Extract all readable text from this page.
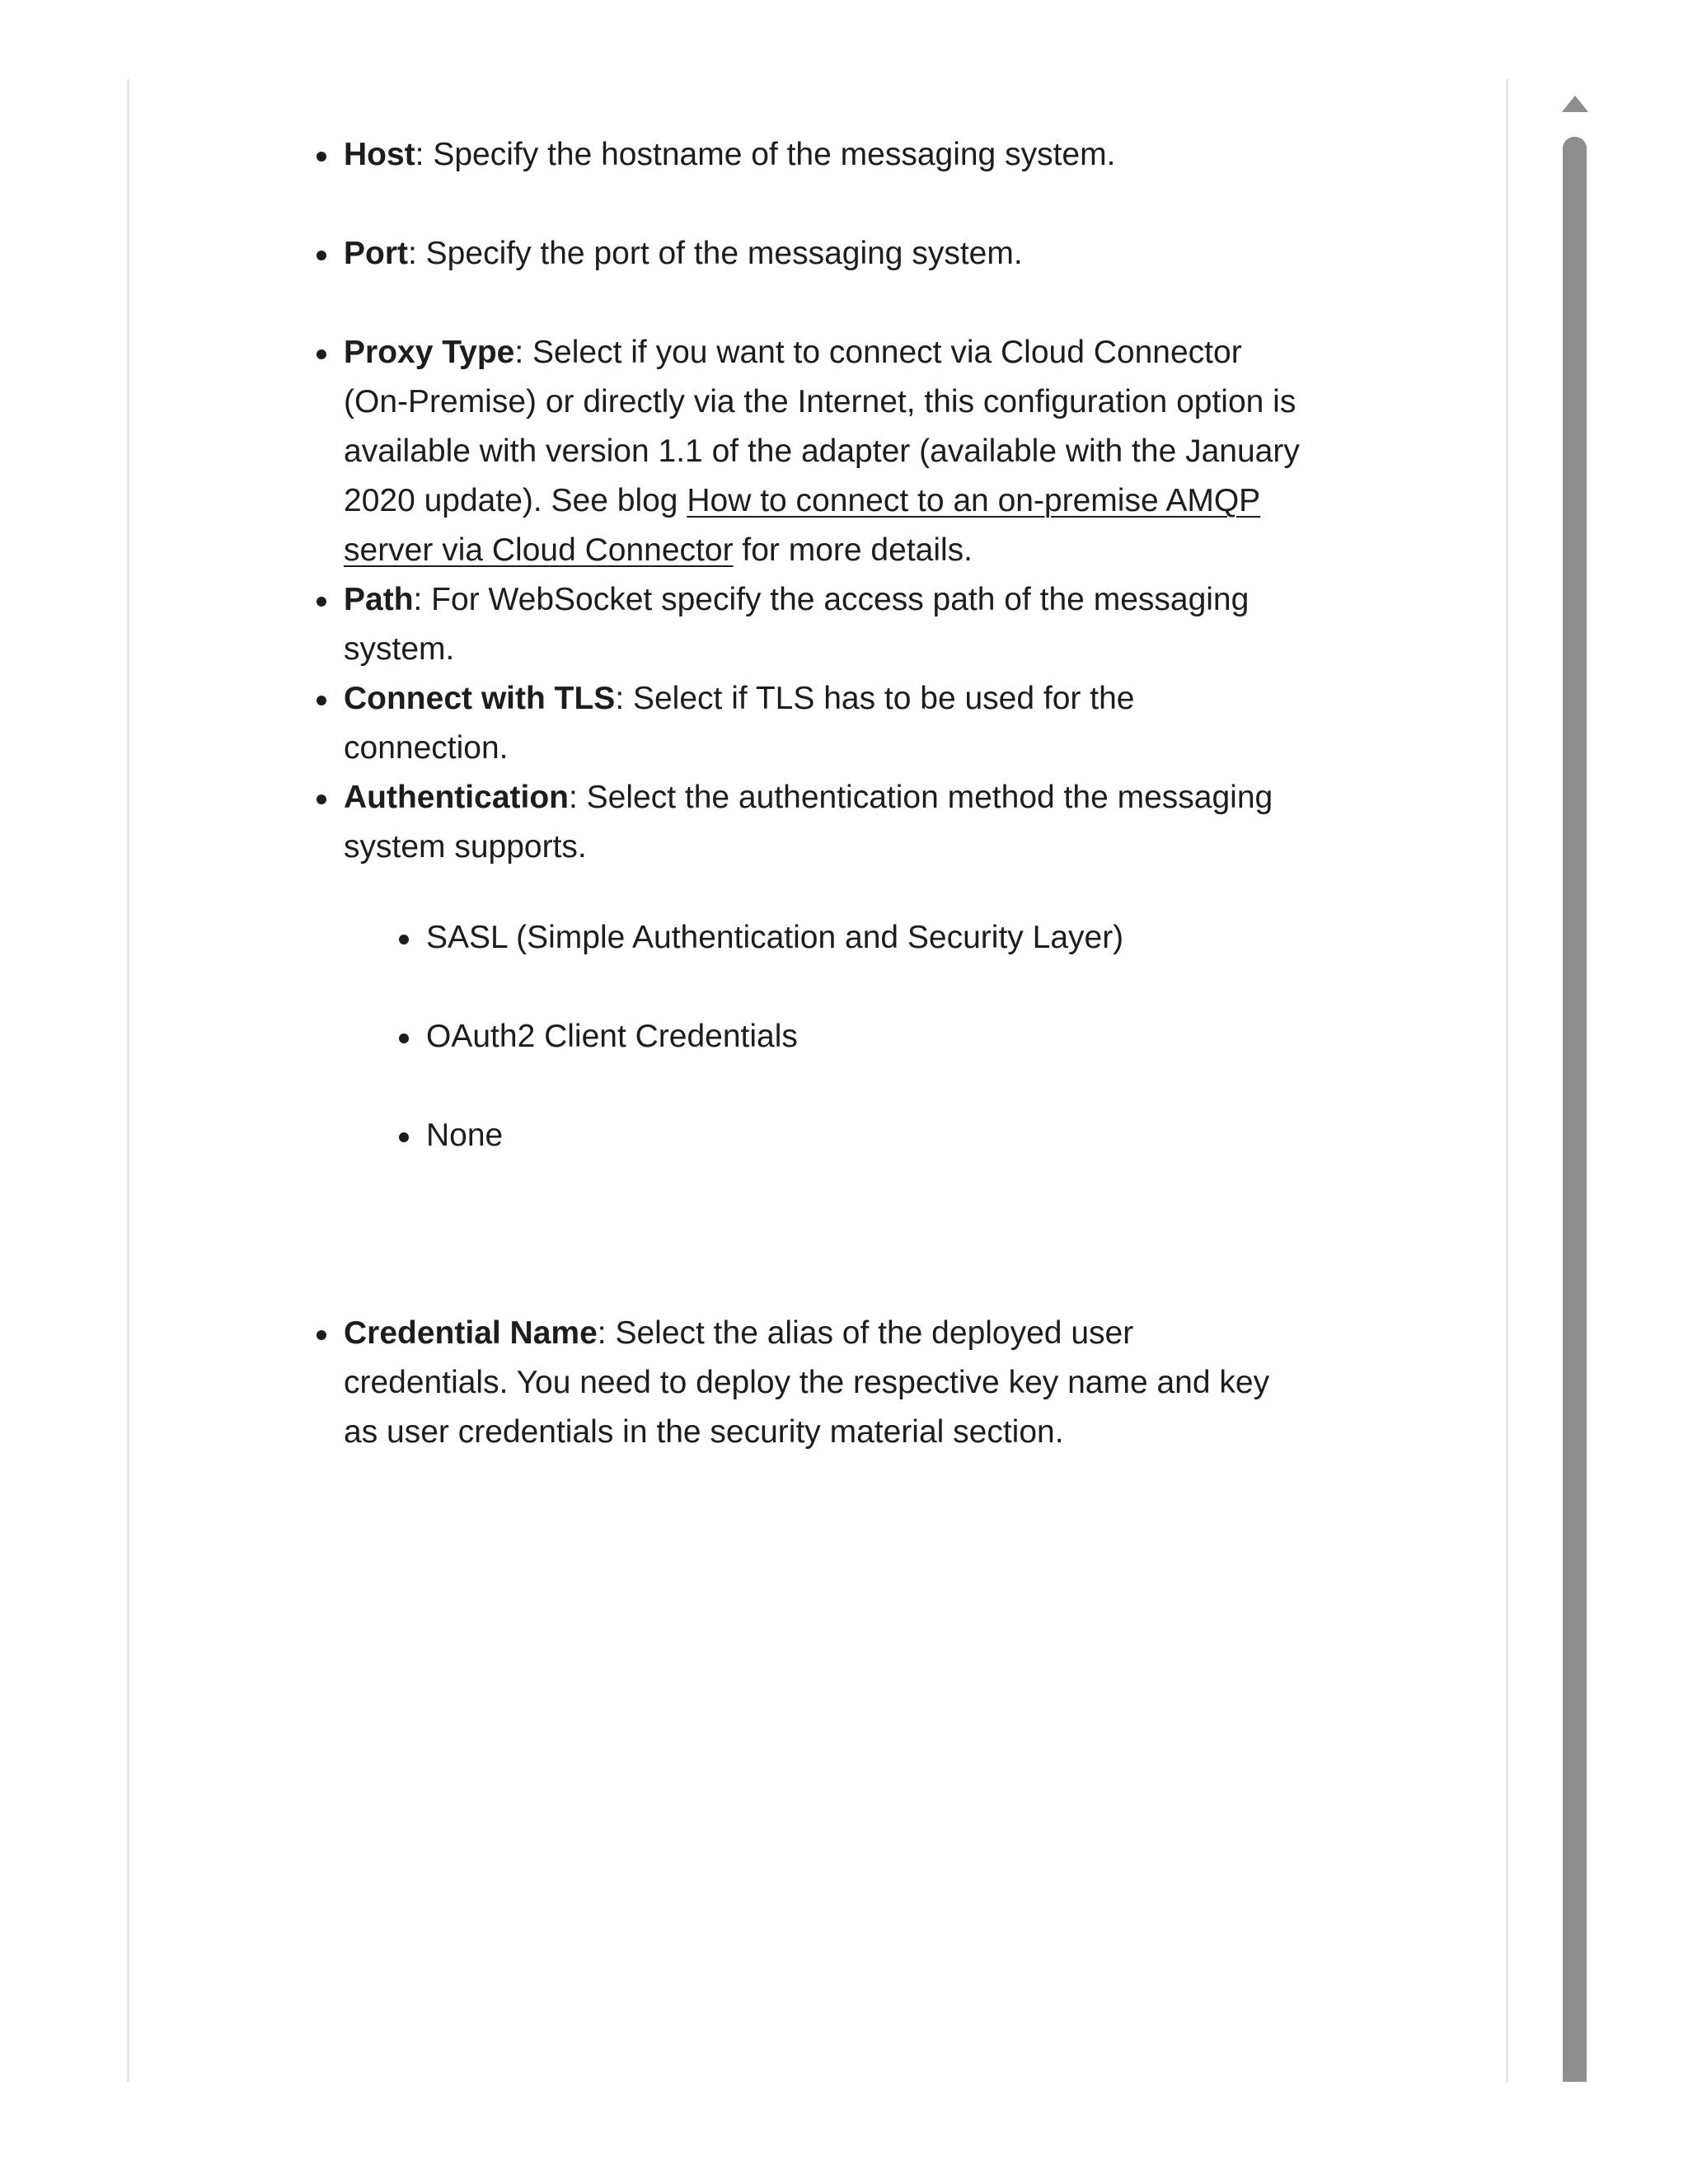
Host: Specify the hostname of the messaging system.
Port: Specify the port of the messaging system.
Proxy Type: Select if you want to connect via Cloud Connector (On-Premise) or directly via the Internet, this configuration option is available with version 1.1 of the adapter (available with the January 2020 update). See blog How to connect to an on-premise AMQP server via Cloud Connector for more details.
Path: For WebSocket specify the access path of the messaging system.
Connect with TLS: Select if TLS has to be used for the connection.
Authentication: Select the authentication method the messaging system supports.
SASL (Simple Authentication and Security Layer)
OAuth2 Client Credentials
None
Credential Name: Select the alias of the deployed user credentials. You need to deploy the respective key name and key as user credentials in the security material section.
